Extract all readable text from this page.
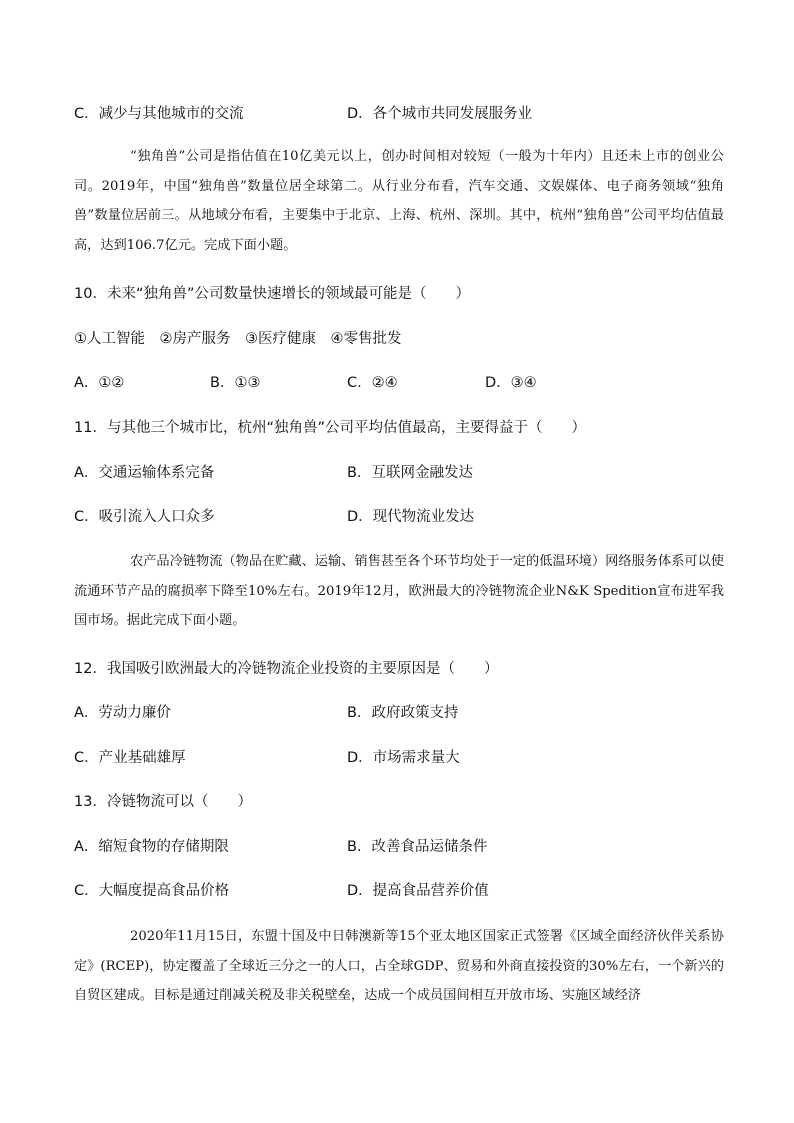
C．减少与其他城市的交流	D．各个城市共同发展服务业

“独角兽”公司是指估值在10亿美元以上，创办时间相对较短（一般为十年内）且还未上市的创业公司。2019年，中国“独角兽”数量位居全球第二。从行业分布看，汽车交通、文娱媒体、电子商务领域“独角兽”数量位居前三。从地域分布看，主要集中于北京、上海、杭州、深圳。其中，杭州“独角兽”公司平均估值最高，达到106.7亿元。完成下面小题。

10．未来“独角兽”公司数量快速增长的领域最可能是（　　）
①人工智能　②房产服务　③医疗健康　④零售批发
A．①②	B．①③	C．②④	D．③④
11．与其他三个城市比，杭州“独角兽”公司平均估值最高，主要得益于（　　）
A．交通运输体系完备	B．互联网金融发达
C．吸引流入人口众多	D．现代物流业发达

农产品冷链物流（物品在贮藏、运输、销售甚至各个环节均处于一定的低温环境）网络服务体系可以使流通环节产品的腐损率下降至10%左右。2019年12月，欧洲最大的冷链物流企业N&K Spedition宣布进军我国市场。据此完成下面小题。

12．我国吸引欧洲最大的冷链物流企业投资的主要原因是（　　）
A．劳动力廉价	B．政府政策支持
C．产业基础雄厚	D．市场需求量大
13．冷链物流可以（　　）
A．缩短食物的存储期限	B．改善食品运储条件
C．大幅度提高食品价格	D．提高食品营养价值

2020年11月15日，东盟十国及中日韩澳新等15个亚太地区国家正式签署《区域全面经济伙伴关系协定》(RCEP)，协定覆盖了全球近三分之一的人口，占全球GDP、贸易和外商直接投资的30%左右，一个新兴的自贸区建成。目标是通过削减关税及非关税壁垒，达成一个成员国间相互开放市场、实施区域经济
